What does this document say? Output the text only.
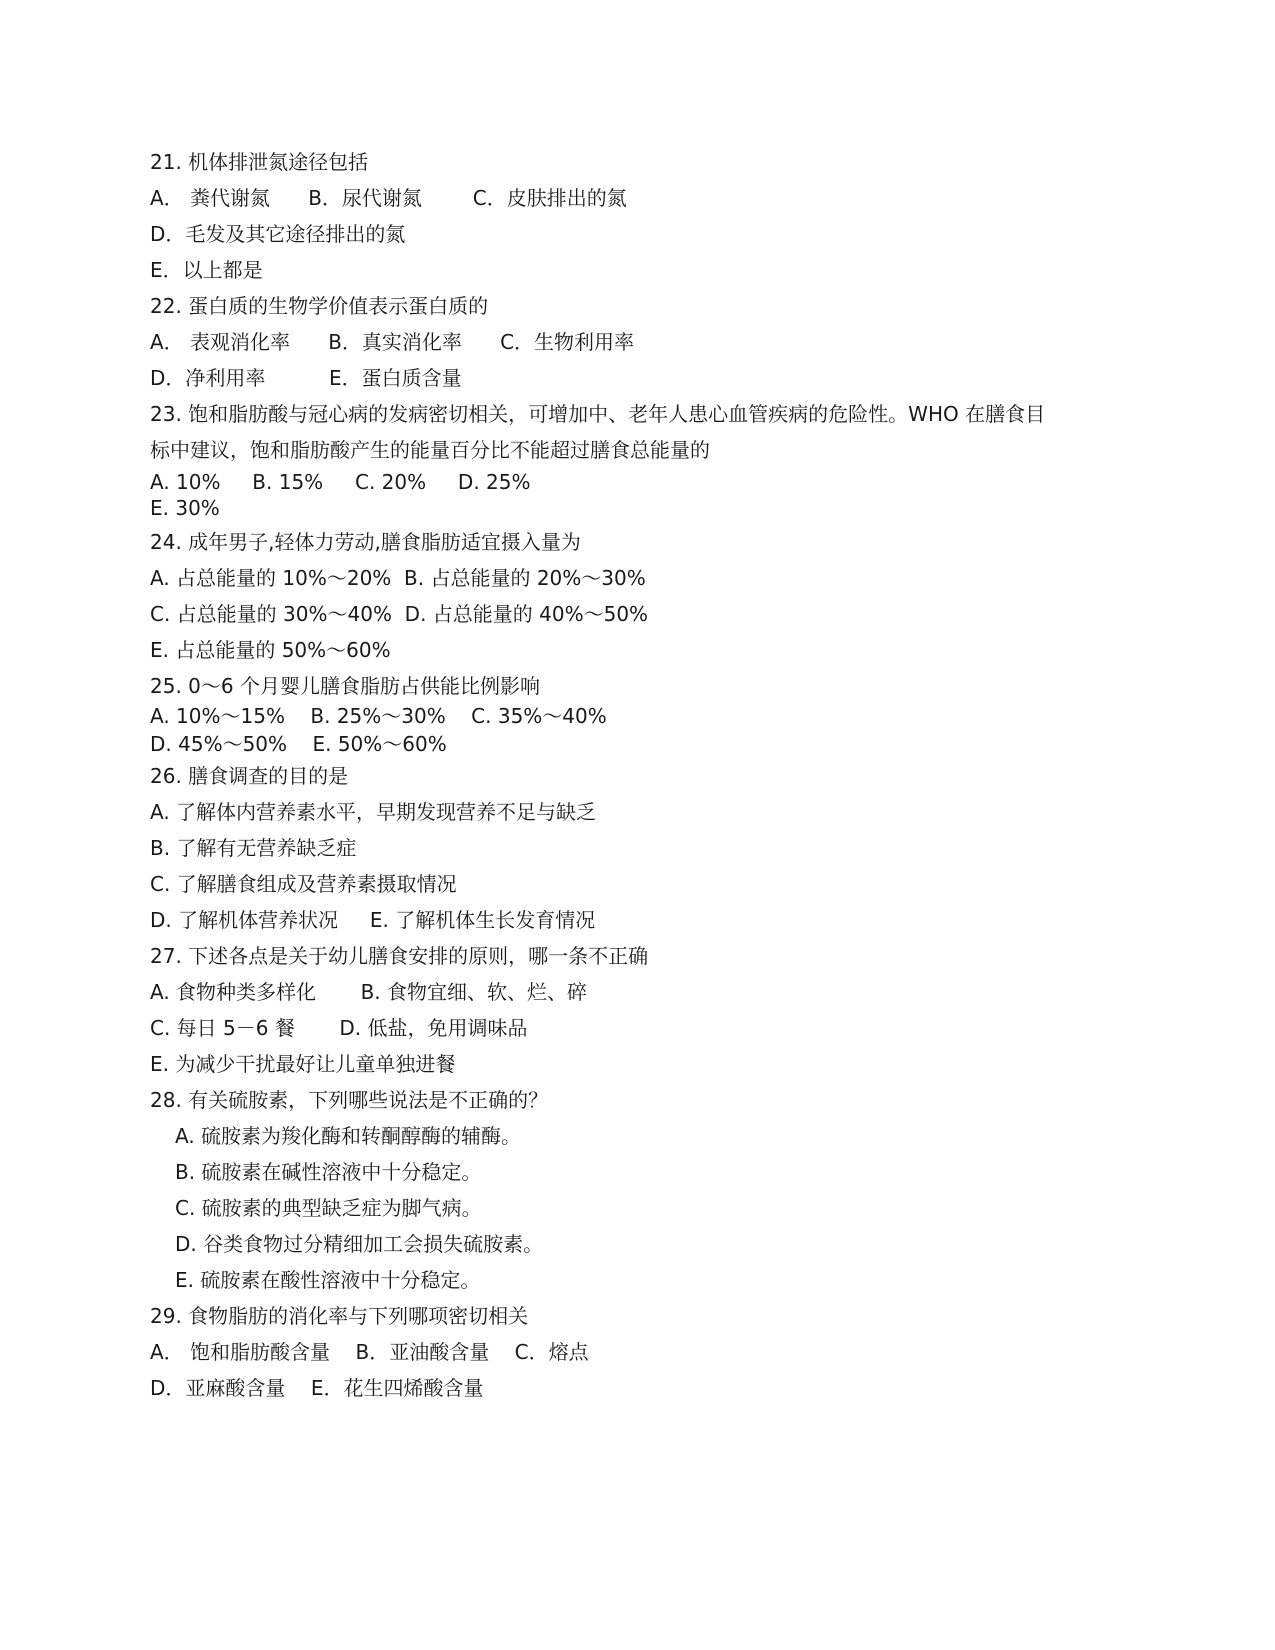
21. 机体排泄氮途径包括
A． 粪代谢氮 B．尿代谢氮	C．皮肤排出的氮
D．毛发及其它途径排出的氮
E．以上都是
22. 蛋白质的生物学价值表示蛋白质的
A． 表观消化率 B．真实消化率 C．生物利用率
D．净利用率	E．蛋白质含量
23. 饱和脂肪酸与冠心病的发病密切相关，可增加中、老年人患心血管疾病的危险性。WHO 在膳食目
标中建议，饱和脂肪酸产生的能量百分比不能超过膳食总能量的
A. 10% B. 15% C. 20% D. 25%
E. 30%
24. 成年男子,轻体力劳动,膳食脂肪适宜摄入量为
A. 占总能量的 10%～20% B. 占总能量的 20%～30%
C. 占总能量的 30%～40% D. 占总能量的 40%～50%
E. 占总能量的 50%～60%
25. 0～6 个月婴儿膳食脂肪占供能比例影响
A. 10%～15% B. 25%～30% C. 35%～40%
D. 45%～50% E. 50%～60%
26. 膳食调查的目的是
A. 了解体内营养素水平，早期发现营养不足与缺乏
B. 了解有无营养缺乏症
C. 了解膳食组成及营养素摄取情况
D. 了解机体营养状况 E. 了解机体生长发育情况
27. 下述各点是关于幼儿膳食安排的原则，哪一条不正确
A. 食物种类多样化 B. 食物宜细、软、烂、碎
C. 每日 5－6 餐 D. 低盐，免用调味品
E. 为减少干扰最好让儿童单独进餐
28. 有关硫胺素，下列哪些说法是不正确的？
A. 硫胺素为羧化酶和转酮醇酶的辅酶。
B. 硫胺素在碱性溶液中十分稳定。
C. 硫胺素的典型缺乏症为脚气病。
D. 谷类食物过分精细加工会损失硫胺素。
E. 硫胺素在酸性溶液中十分稳定。
29. 食物脂肪的消化率与下列哪项密切相关
A． 饱和脂肪酸含量 B．亚油酸含量 C．熔点
D．亚麻酸含量 E．花生四烯酸含量
